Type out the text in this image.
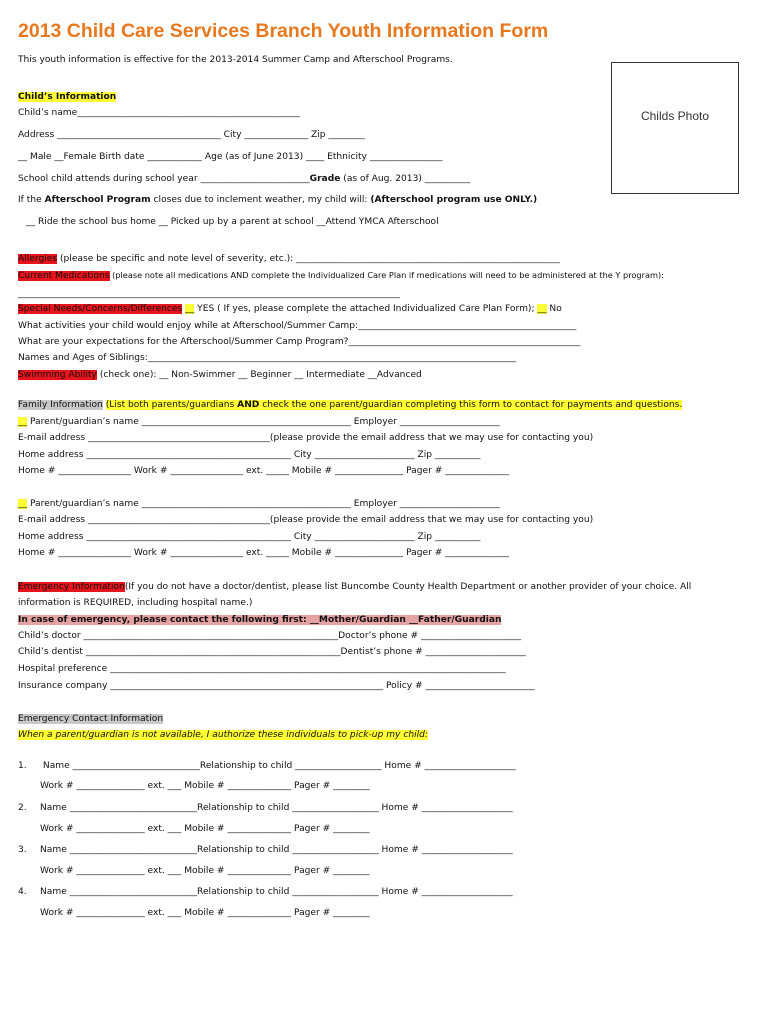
2013 Child Care Services Branch Youth Information Form
This youth information is effective for the 2013-2014 Summer Camp and Afterschool Programs.
Childs Photo
Child’s Information
Child’s name_________________________________________________
Address ____________________________________ City ______________ Zip ________
__ Male __Female Birth date ____________ Age (as of June 2013) ____ Ethnicity ________________
School child attends during school year ________________________Grade (as of Aug. 2013) __________
If the Afterschool Program closes due to inclement weather, my child will: (Afterschool program use ONLY.)
__ Ride the school bus home __ Picked up by a parent at school __Attend YMCA Afterschool
Allergies (please be specific and note level of severity, etc.): __________________________________________________________
Current Medications (please note all medications AND complete the Individualized Care Plan if medications will need to be administered at the Y program):
____________________________________________________________________________________
Special Needs/Concerns/Differences __ YES ( If yes, please complete the attached Individualized Care Plan Form); __ No
What activities your child would enjoy while at Afterschool/Summer Camp:________________________________________________
What are your expectations for the Afterschool/Summer Camp Program?___________________________________________________
Names and Ages of Siblings:_________________________________________________________________________________
Swimming Ability (check one): __ Non-Swimmer __ Beginner __ Intermediate __Advanced
Family Information (List both parents/guardians AND check the one parent/guardian completing this form to contact for payments and questions.
__ Parent/guardian’s name ______________________________________________ Employer ______________________
E-mail address ________________________________________(please provide the email address that we may use for contacting you)
Home address _____________________________________________ City ______________________ Zip __________
Home # ________________ Work # ________________ ext. _____ Mobile # _______________ Pager # ______________
__ Parent/guardian’s name ______________________________________________ Employer ______________________
E-mail address ________________________________________(please provide the email address that we may use for contacting you)
Home address _____________________________________________ City ______________________ Zip __________
Home # ________________ Work # ________________ ext. _____ Mobile # _______________ Pager # ______________
Emergency Information(If you do not have a doctor/dentist, please list Buncombe County Health Department or another provider of your choice. All
information is REQUIRED, including hospital name.)
In case of emergency, please contact the following first: __Mother/Guardian __Father/Guardian
Child’s doctor ________________________________________________________Doctor’s phone # ______________________
Child’s dentist ________________________________________________________Dentist’s phone # ______________________
Hospital preference _______________________________________________________________________________________
Insurance company ____________________________________________________________ Policy # ________________________
Emergency Contact Information
When a parent/guardian is not available, I authorize these individuals to pick-up my child:
1. Name ____________________________Relationship to child ___________________ Home # ____________________
Work # _______________ ext. ___ Mobile # ______________ Pager # ________
2. Name ____________________________Relationship to child ___________________ Home # ____________________
Work # _______________ ext. ___ Mobile # ______________ Pager # ________
3. Name ____________________________Relationship to child ___________________ Home # ____________________
Work # _______________ ext. ___ Mobile # ______________ Pager # ________
4. Name ____________________________Relationship to child ___________________ Home # ____________________
Work # _______________ ext. ___ Mobile # ______________ Pager # ________
